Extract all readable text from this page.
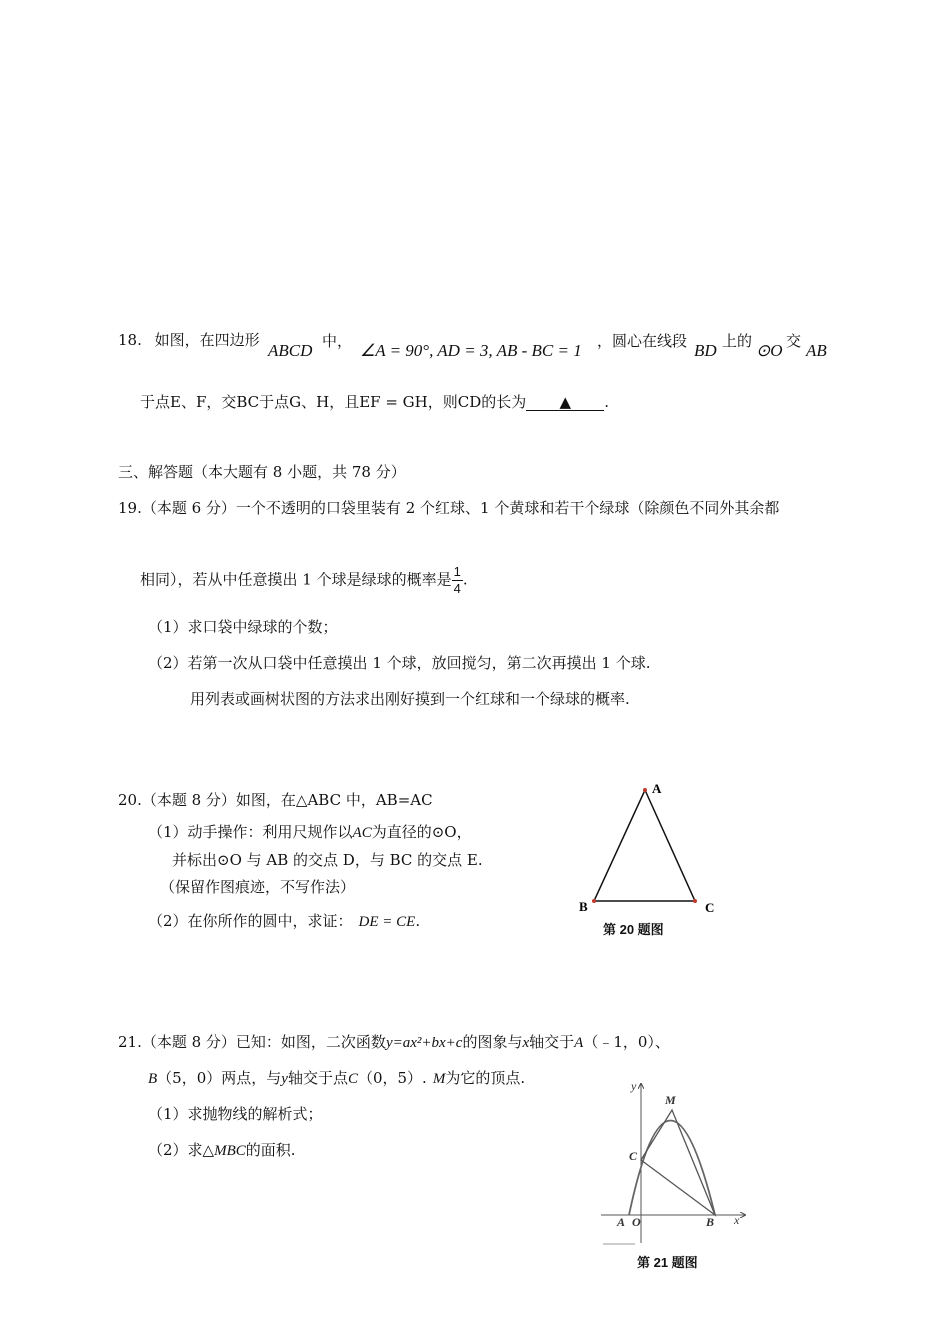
18. 如图，在四边形
ABCD 中， ∠A = 90°, AD = 3, AB - BC = 1 ，圆心在线段 BD 上的 ⊙O 交 AB
于点E、F，交BC于点G、H，且EF = GH，则CD的长为 ▲ .
三、解答题（本大题有 8 小题，共 78 分）
19.（本题 6 分）一个不透明的口袋里装有 2 个红球、1 个黄球和若干个绿球（除颜色不同外其余都
相同），若从中任意摸出 1 个球是绿球的概率是 $\frac{1}{4}$ .
（1）求口袋中绿球的个数；
（2）若第一次从口袋中任意摸出 1 个球，放回搅匀，第二次再摸出 1 个球.
用列表或画树状图的方法求出刚好摸到一个红球和一个绿球的概率.
20.（本题 8 分）如图，在△ABC 中，AB=AC
（1）动手操作：利用尺规作以AC为直径的⊙O，
并标出⊙O 与 AB 的交点 D，与 BC 的交点 E.
（保留作图痕迹，不写作法）
（2）在你所作的圆中，求证： DE = CE.
A
B	C
第 20 题图
21.（本题 8 分）已知：如图，二次函数y=ax²+bx+c的图象与x轴交于A（﹣1，0）、
B（5，0）两点，与y轴交于点C（0，5）. M为它的顶点.
（1）求抛物线的解析式；
（2）求△MBC的面积.
y
x
M
C
A O	B
第 21 题图
